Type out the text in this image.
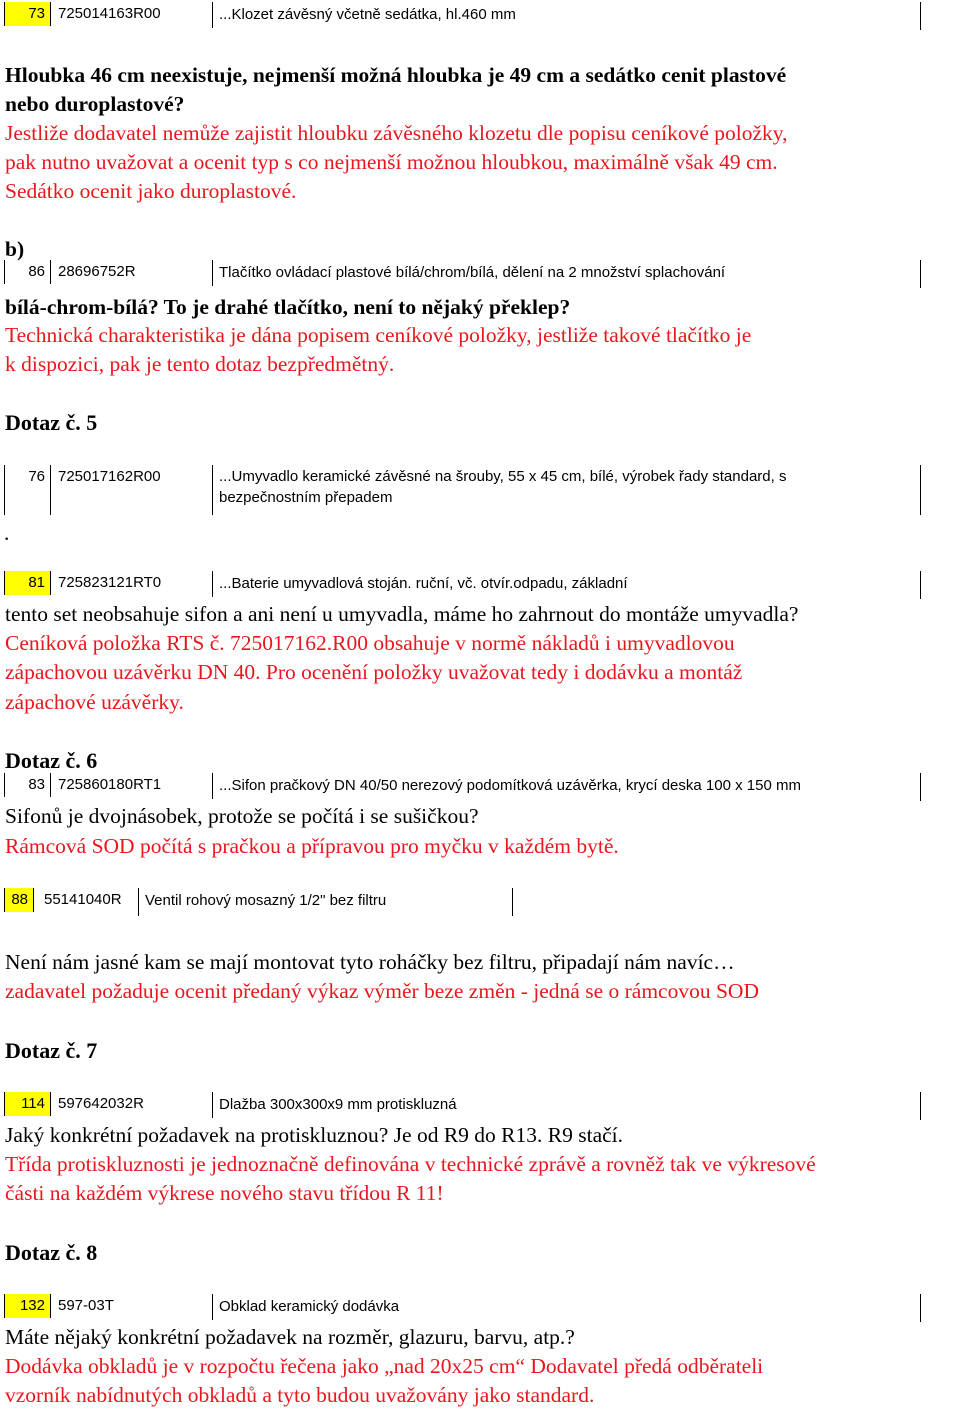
73 725014163R00	...Klozet závěsný včetně sedátka, hl.460 mm
Hloubka 46 cm neexistuje, nejmenší možná hloubka je 49 cm a sedátko cenit plastové
nebo duroplastové?
Jestliže dodavatel nemůže zajistit hloubku závěsného klozetu dle popisu ceníkové položky,
pak nutno uvažovat a ocenit typ s co nejmenší možnou hloubkou, maximálně však 49 cm.
Sedátko ocenit jako duroplastové.
b)
86 28696752R	Tlačítko ovládací plastové bílá/chrom/bílá, dělení na 2 množství splachování
bílá-chrom-bílá? To je drahé tlačítko, není to nějaký překlep?
Technická charakteristika je dána popisem ceníkové položky, jestliže takové tlačítko je
k dispozici, pak je tento dotaz bezpředmětný.
Dotaz č. 5
76 725017162R00	...Umyvadlo keramické závěsné na šrouby, 55 x 45 cm, bílé, výrobek řady standard, s
bezpečnostním přepadem
.
81 725823121RT0	...Baterie umyvadlová stoján. ruční, vč. otvír.odpadu, základní
tento set neobsahuje sifon a ani není u umyvadla, máme ho zahrnout do montáže umyvadla?
Ceníková položka RTS č. 725017162.R00 obsahuje v normě nákladů i umyvadlovou
zápachovou uzávěrku DN 40. Pro ocenění položky uvažovat tedy i dodávku a montáž
zápachové uzávěrky.
Dotaz č. 6
83 725860180RT1	...Sifon pračkový DN 40/50 nerezový podomítková uzávěrka, krycí deska 100 x 150 mm
Sifonů je dvojnásobek, protože se počítá i se sušičkou?
Rámcová SOD počítá s pračkou a přípravou pro myčku v každém bytě.
88	55141040R	Ventil rohový mosazný 1/2" bez filtru
Není nám jasné kam se mají montovat tyto roháčky bez filtru, připadají nám navíc…
zadavatel požaduje ocenit předaný výkaz výměr beze změn - jedná se o rámcovou SOD
Dotaz č. 7
114 597642032R	Dlažba 300x300x9 mm protiskluzná
Jaký konkrétní požadavek na protiskluznou? Je od R9 do R13. R9 stačí.
Třída protiskluznosti je jednoznačně definována v technické zprávě a rovněž tak ve výkresové
části na každém výkrese nového stavu třídou R 11!
Dotaz č. 8
132 597-03T	Obklad keramický dodávka
Máte nějaký konkrétní požadavek na rozměr, glazuru, barvu, atp.?
Dodávka obkladů je v rozpočtu řečena jako „nad 20x25 cm“ Dodavatel předá odběrateli
vzorník nabídnutých obkladů a tyto budou uvažovány jako standard.
